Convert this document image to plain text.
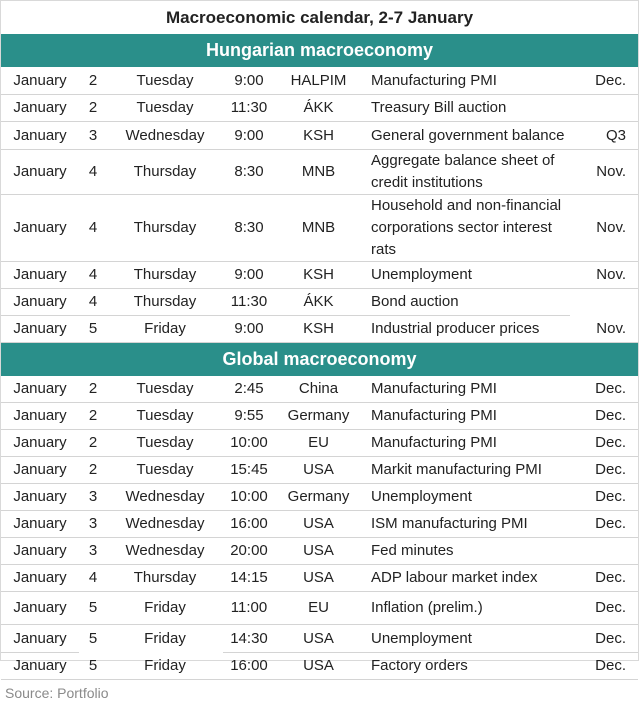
Macroeconomic calendar, 2-7 January
Hungarian macroeconomy
January	2	Tuesday	9:00	HALPIM	Manufacturing PMI	Dec.
January	2	Tuesday	11:30	ÁKK	Treasury Bill auction	
January	3	Wednesday	9:00	KSH	General government balance	Q3
January	4	Thursday	8:30	MNB	Aggregate balance sheet of credit institutions	Nov.
January	4	Thursday	8:30	MNB	Household and non-financial corporations sector interest rats	Nov.
January	4	Thursday	9:00	KSH	Unemployment	Nov.
January	4	Thursday	11:30	ÁKK	Bond auction	
January	5	Friday	9:00	KSH	Industrial producer prices	Nov.
Global macroeconomy
January	2	Tuesday	2:45	China	Manufacturing PMI	Dec.
January	2	Tuesday	9:55	Germany	Manufacturing PMI	Dec.
January	2	Tuesday	10:00	EU	Manufacturing PMI	Dec.
January	2	Tuesday	15:45	USA	Markit manufacturing PMI	Dec.
January	3	Wednesday	10:00	Germany	Unemployment	Dec.
January	3	Wednesday	16:00	USA	ISM manufacturing PMI	Dec.
January	3	Wednesday	20:00	USA	Fed minutes	
January	4	Thursday	14:15	USA	ADP labour market index	Dec.
January	5	Friday	11:00	EU	Inflation (prelim.)	Dec.
January	5	Friday	14:30	USA	Unemployment	Dec.
January	5	Friday	16:00	USA	Factory orders	Dec.
Source: Portfolio
